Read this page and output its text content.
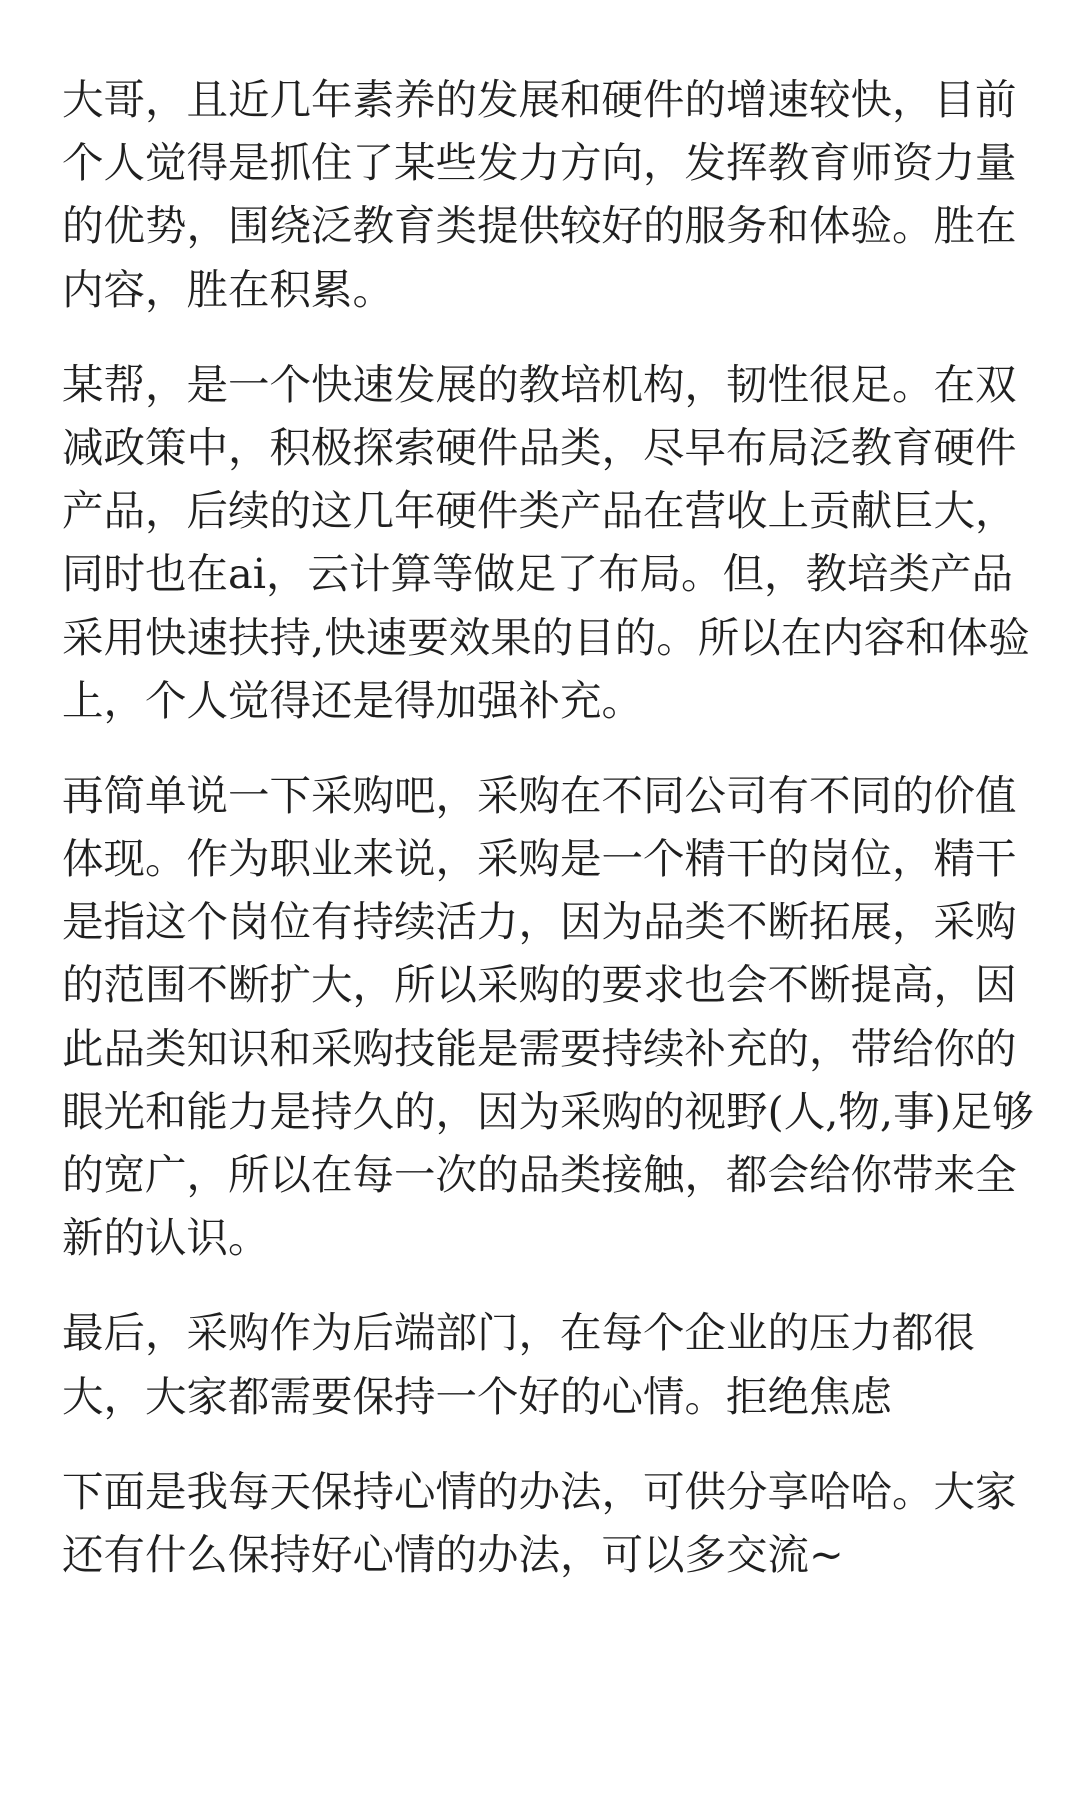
大哥，且近几年素养的发展和硬件的增速较快，目前
个人觉得是抓住了某些发力方向，发挥教育师资力量
的优势，围绕泛教育类提供较好的服务和体验。胜在
内容，胜在积累。
某帮，是一个快速发展的教培机构，韧性很足。在双
减政策中，积极探索硬件品类，尽早布局泛教育硬件
产品，后续的这几年硬件类产品在营收上贡献巨大，
同时也在ai，云计算等做足了布局。但，教培类产品
采用快速扶持,快速要效果的目的。所以在内容和体验
上，个人觉得还是得加强补充。
再简单说一下采购吧，采购在不同公司有不同的价值
体现。作为职业来说，采购是一个精干的岗位，精干
是指这个岗位有持续活力，因为品类不断拓展，采购
的范围不断扩大，所以采购的要求也会不断提高，因
此品类知识和采购技能是需要持续补充的，带给你的
眼光和能力是持久的，因为采购的视野(人,物,事)足够
的宽广，所以在每一次的品类接触，都会给你带来全
新的认识。
最后，采购作为后端部门，在每个企业的压力都很
大，大家都需要保持一个好的心情。拒绝焦虑
下面是我每天保持心情的办法，可供分享哈哈。大家
还有什么保持好心情的办法，可以多交流~
